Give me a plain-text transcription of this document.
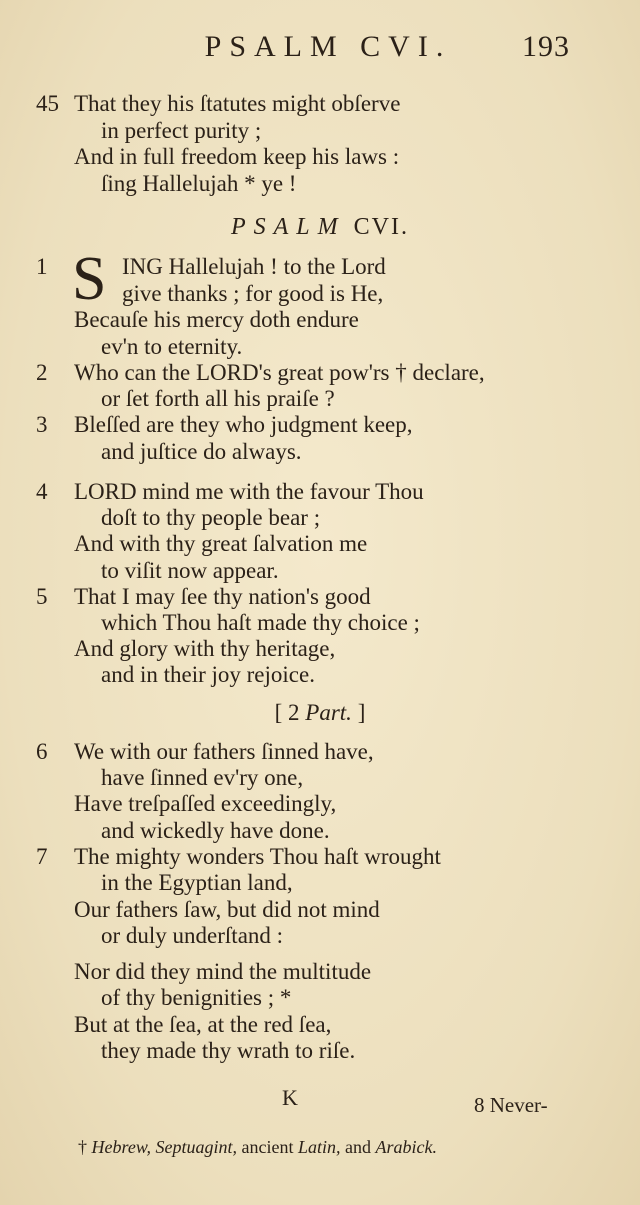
PSALM CVI.	193
45 That they his ſtatutes might obſerve
in perfect purity ;
And in full freedom keep his laws :
ſing Hallelujah * ye !
PSALM CVI.
S
1	ING Hallelujah ! to the Lord
give thanks ; for good is He,
Becauſe his mercy doth endure
ev'n to eternity.
2	Who can the LORD's great pow'rs † declare,
or ſet forth all his praiſe ?
3	Bleſſed are they who judgment keep,
and juſtice do always.
4	LORD mind me with the favour Thou
doſt to thy people bear ;
And with thy great ſalvation me
to viſit now appear.
5	That I may ſee thy nation's good
which Thou haſt made thy choice ;
And glory with thy heritage,
and in their joy rejoice.
[ 2 Part. ]
6	We with our fathers ſinned have,
have ſinned ev'ry one,
Have treſpaſſed exceedingly,
and wickedly have done.
7	The mighty wonders Thou haſt wrought
in the Egyptian land,
Our fathers ſaw, but did not mind
or duly underſtand :
Nor did they mind the multitude
of thy benignities ; *
But at the ſea, at the red ſea,
they made thy wrath to riſe.
K	8 Never-
† Hebrew, Septuagint, ancient Latin, and Arabick.
